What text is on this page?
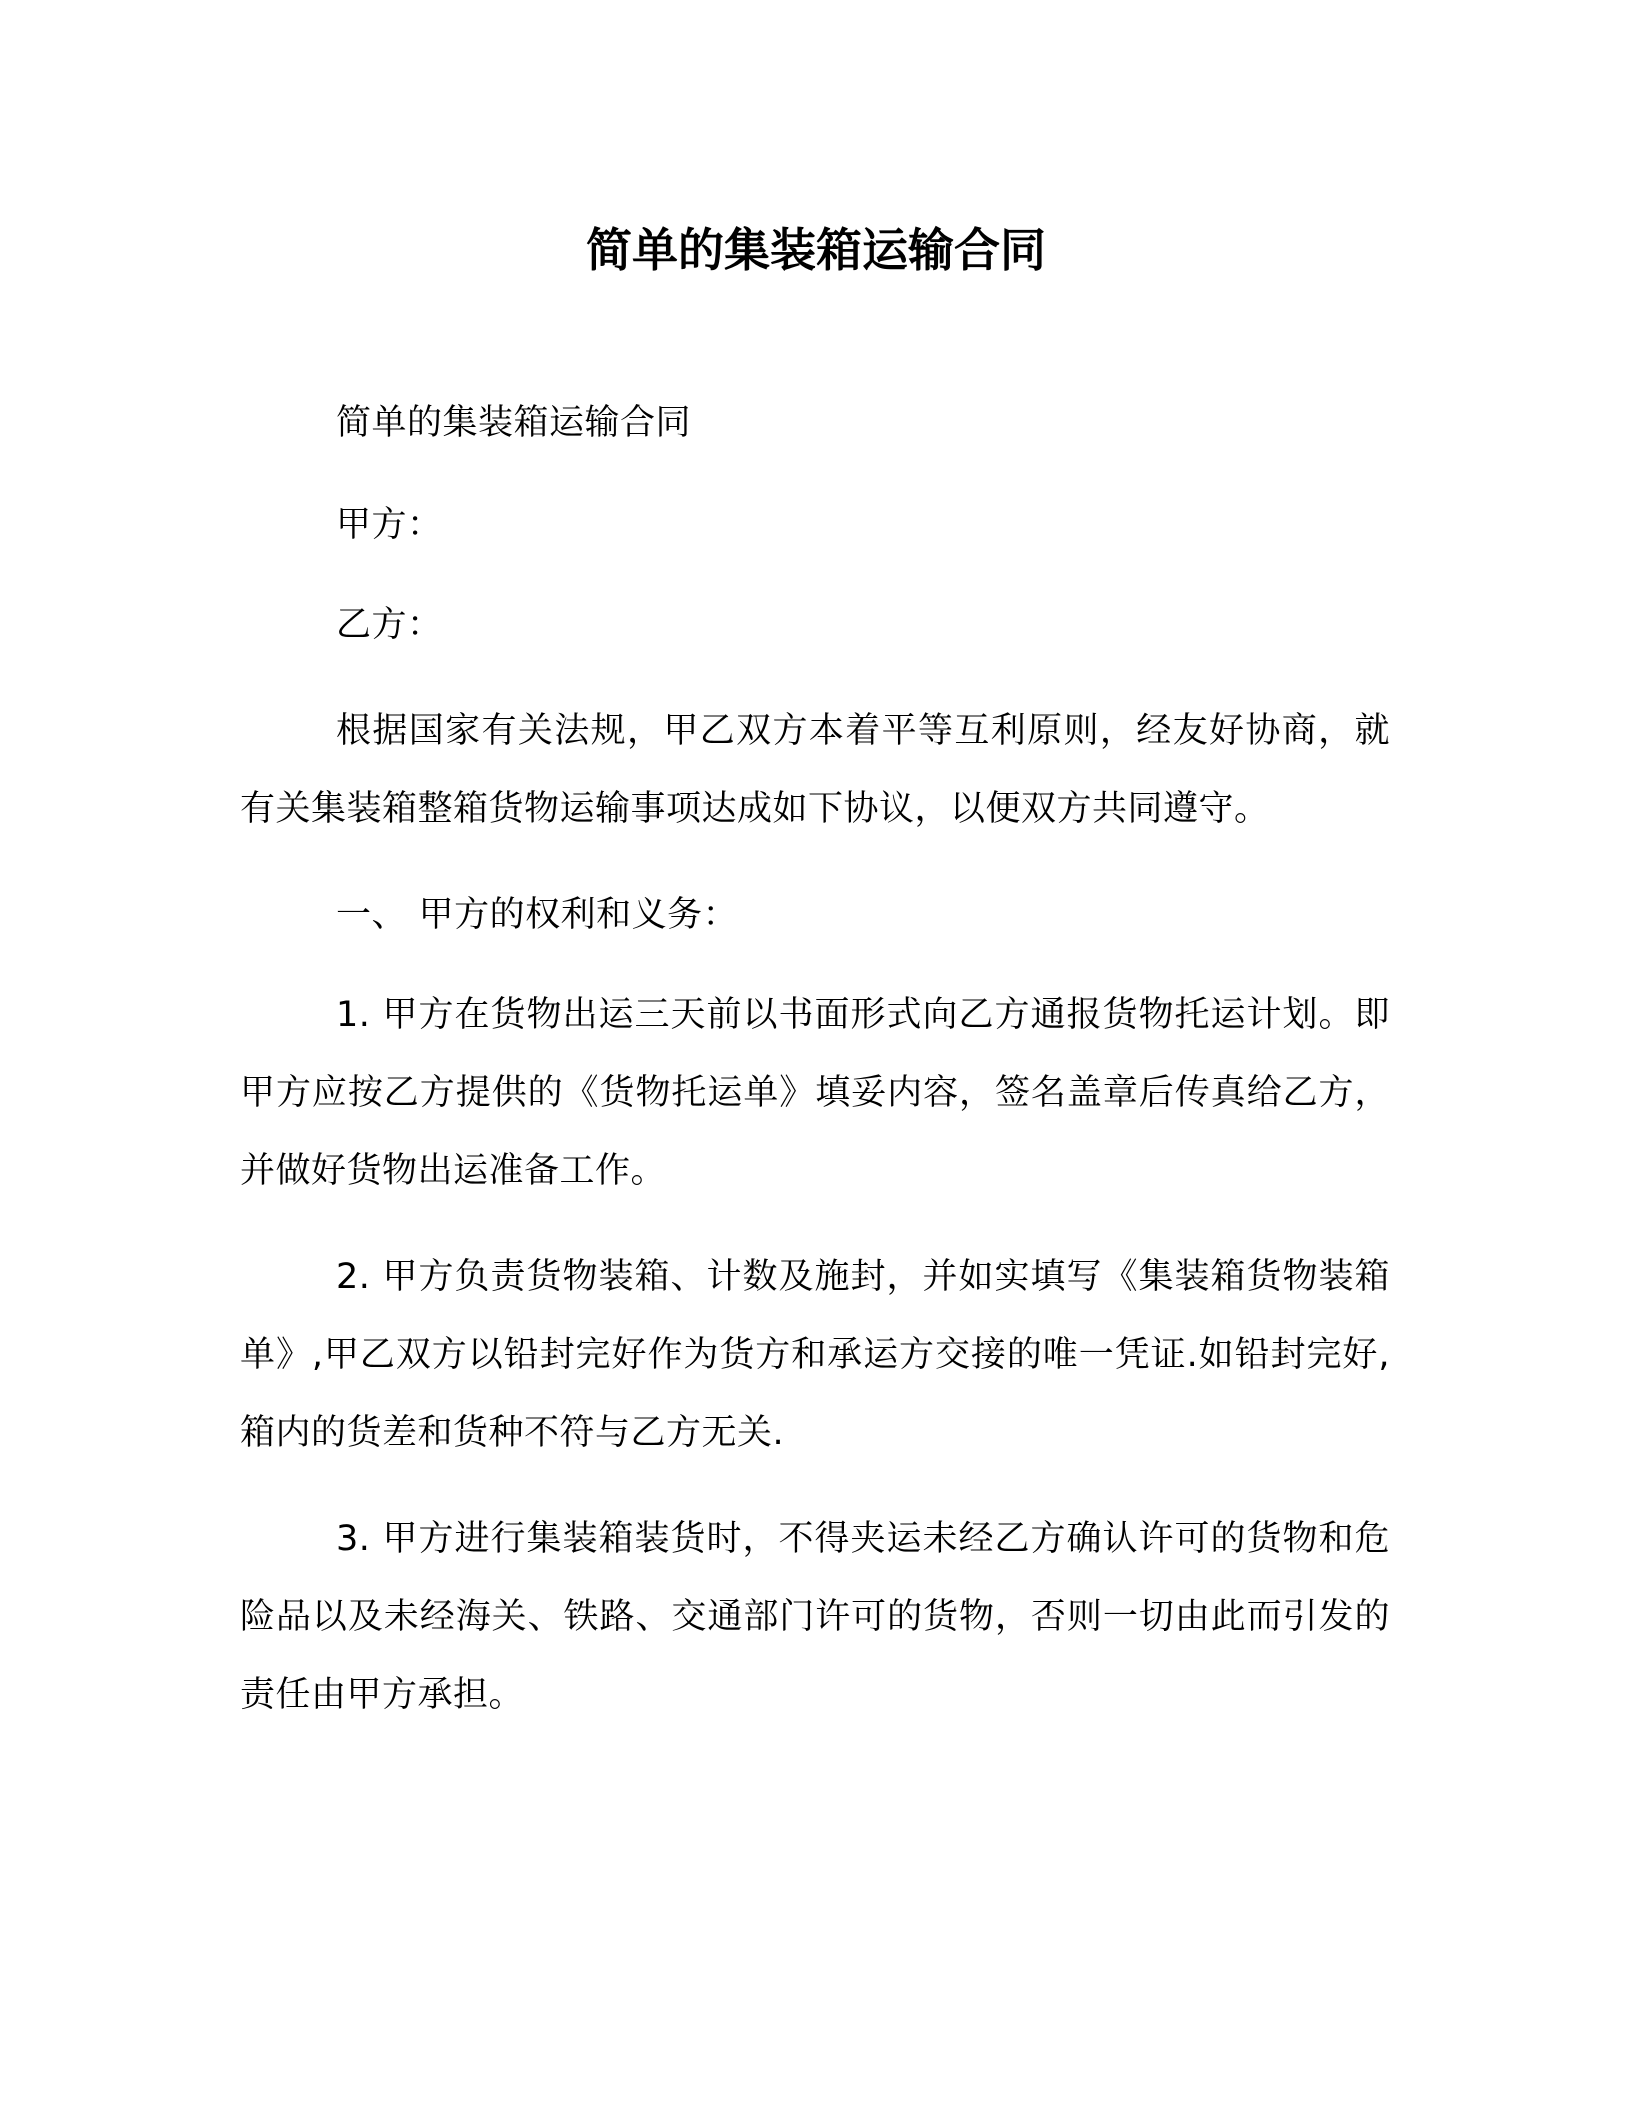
简单的集装箱运输合同
简单的集装箱运输合同
甲方：
乙方：

根据国家有关法规，甲乙双方本着平等互利原则，经友好协商，就有关集装箱整箱货物运输事项达成如下协议，以便双方共同遵守。

一、 甲方的权利和义务：

1. 甲方在货物出运三天前以书面形式向乙方通报货物托运计划。即甲方应按乙方提供的《货物托运单》填妥内容，签名盖章后传真给乙方，并做好货物出运准备工作。

2. 甲方负责货物装箱、计数及施封，并如实填写《集装箱货物装箱单》,甲乙双方以铅封完好作为货方和承运方交接的唯一凭证.如铅封完好,箱内的货差和货种不符与乙方无关.

3. 甲方进行集装箱装货时，不得夹运未经乙方确认许可的货物和危险品以及未经海关、铁路、交通部门许可的货物，否则一切由此而引发的责任由甲方承担。
